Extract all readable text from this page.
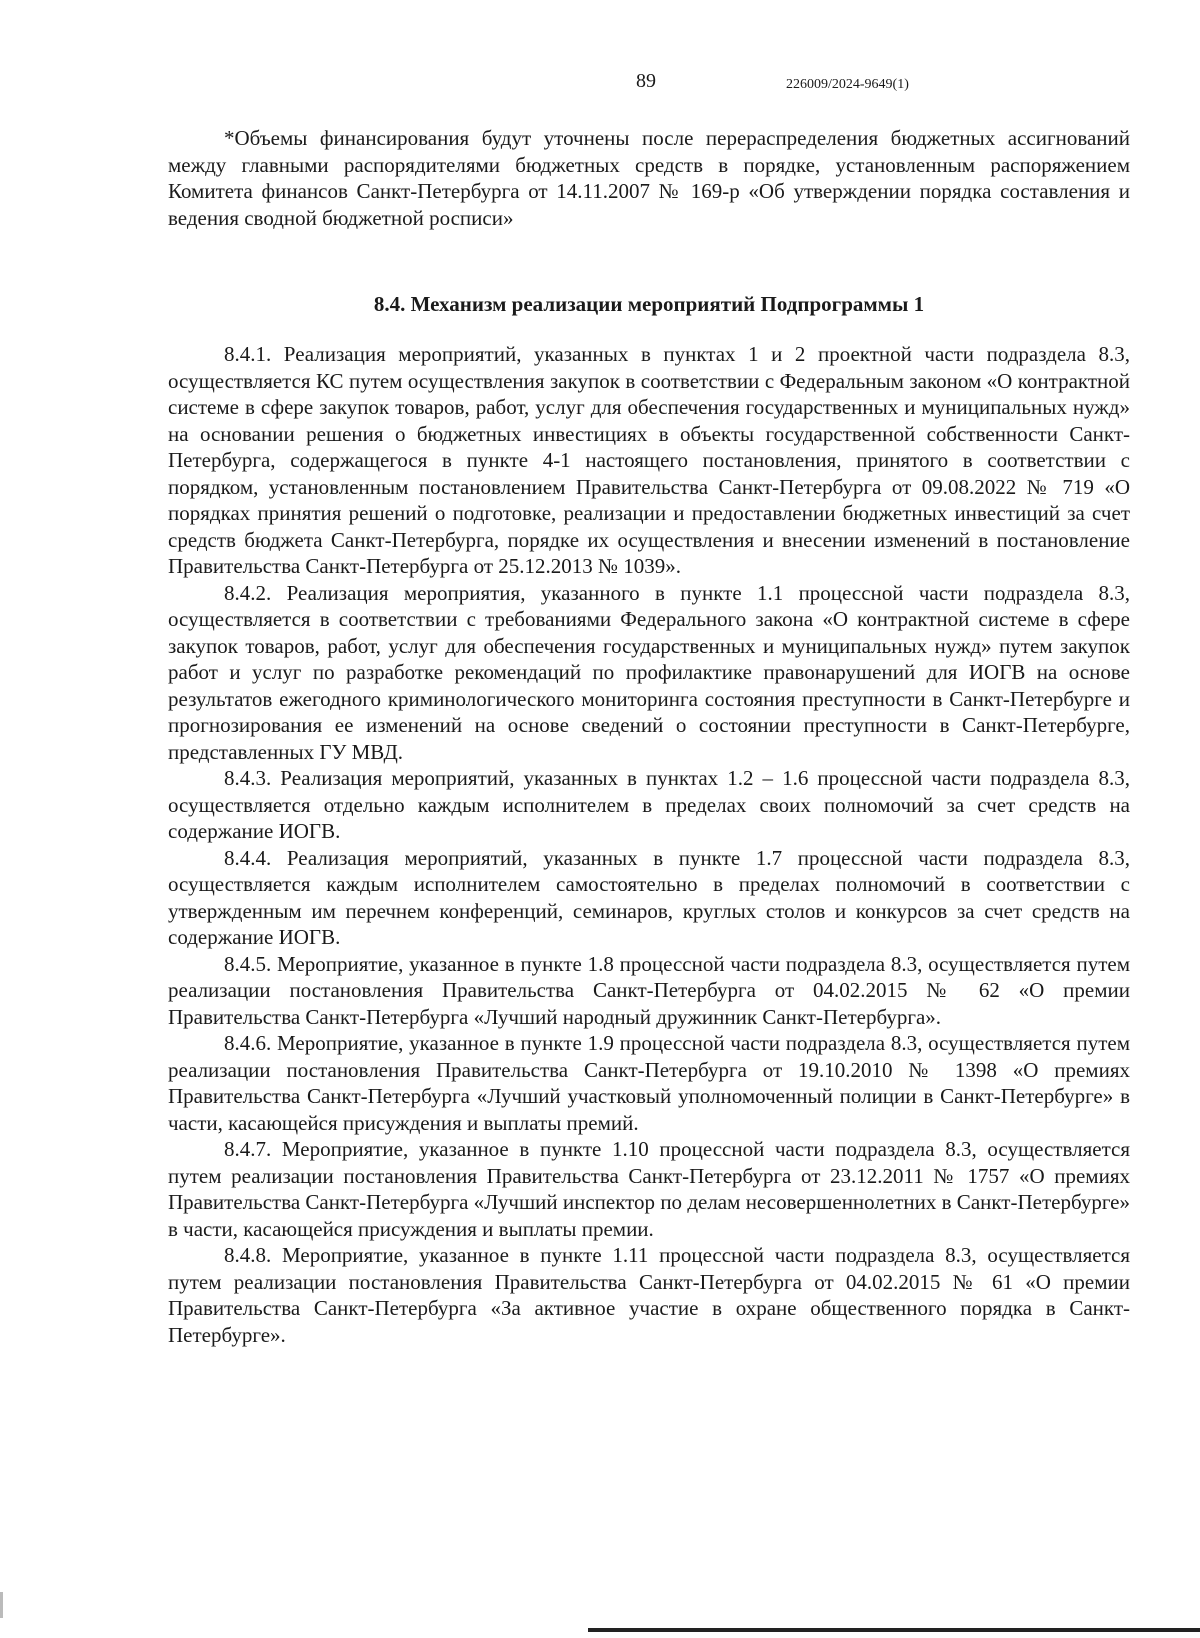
89	226009/2024-9649(1)

*Объемы финансирования будут уточнены после перераспределения бюджетных ассигнований между главными распорядителями бюджетных средств в порядке, установленным распоряжением Комитета финансов Санкт-Петербурга от 14.11.2007 № 169-р «Об утверждении порядка составления и ведения сводной бюджетной росписи»

8.4. Механизм реализации мероприятий Подпрограммы 1

8.4.1. Реализация мероприятий, указанных в пунктах 1 и 2 проектной части подраздела 8.3, осуществляется КС путем осуществления закупок в соответствии с Федеральным законом «О контрактной системе в сфере закупок товаров, работ, услуг для обеспечения государственных и муниципальных нужд» на основании решения о бюджетных инвестициях в объекты государственной собственности Санкт-Петербурга, содержащегося в пункте 4-1 настоящего постановления, принятого в соответствии с порядком, установленным постановлением Правительства Санкт-Петербурга от 09.08.2022 № 719 «О порядках принятия решений о подготовке, реализации и предоставлении бюджетных инвестиций за счет средств бюджета Санкт-Петербурга, порядке их осуществления и внесении изменений в постановление Правительства Санкт-Петербурга от 25.12.2013 № 1039».

8.4.2. Реализация мероприятия, указанного в пункте 1.1 процессной части подраздела 8.3, осуществляется в соответствии с требованиями Федерального закона «О контрактной системе в сфере закупок товаров, работ, услуг для обеспечения государственных и муниципальных нужд» путем закупок работ и услуг по разработке рекомендаций по профилактике правонарушений для ИОГВ на основе результатов ежегодного криминологического мониторинга состояния преступности в Санкт-Петербурге и прогнозирования ее изменений на основе сведений о состоянии преступности в Санкт-Петербурге, представленных ГУ МВД.

8.4.3. Реализация мероприятий, указанных в пунктах 1.2 – 1.6 процессной части подраздела 8.3, осуществляется отдельно каждым исполнителем в пределах своих полномочий за счет средств на содержание ИОГВ.

8.4.4. Реализация мероприятий, указанных в пункте 1.7 процессной части подраздела 8.3, осуществляется каждым исполнителем самостоятельно в пределах полномочий в соответствии с утвержденным им перечнем конференций, семинаров, круглых столов и конкурсов за счет средств на содержание ИОГВ.

8.4.5. Мероприятие, указанное в пункте 1.8 процессной части подраздела 8.3, осуществляется путем реализации постановления Правительства Санкт-Петербурга от 04.02.2015 № 62 «О премии Правительства Санкт-Петербурга «Лучший народный дружинник Санкт-Петербурга».

8.4.6. Мероприятие, указанное в пункте 1.9 процессной части подраздела 8.3, осуществляется путем реализации постановления Правительства Санкт-Петербурга от 19.10.2010 № 1398 «О премиях Правительства Санкт-Петербурга «Лучший участковый уполномоченный полиции в Санкт-Петербурге» в части, касающейся присуждения и выплаты премий.

8.4.7. Мероприятие, указанное в пункте 1.10 процессной части подраздела 8.3, осуществляется путем реализации постановления Правительства Санкт-Петербурга от 23.12.2011 № 1757 «О премиях Правительства Санкт-Петербурга «Лучший инспектор по делам несовершеннолетних в Санкт-Петербурге» в части, касающейся присуждения и выплаты премии.

8.4.8. Мероприятие, указанное в пункте 1.11 процессной части подраздела 8.3, осуществляется путем реализации постановления Правительства Санкт-Петербурга от 04.02.2015 № 61 «О премии Правительства Санкт-Петербурга «За активное участие в охране общественного порядка в Санкт-Петербурге».
